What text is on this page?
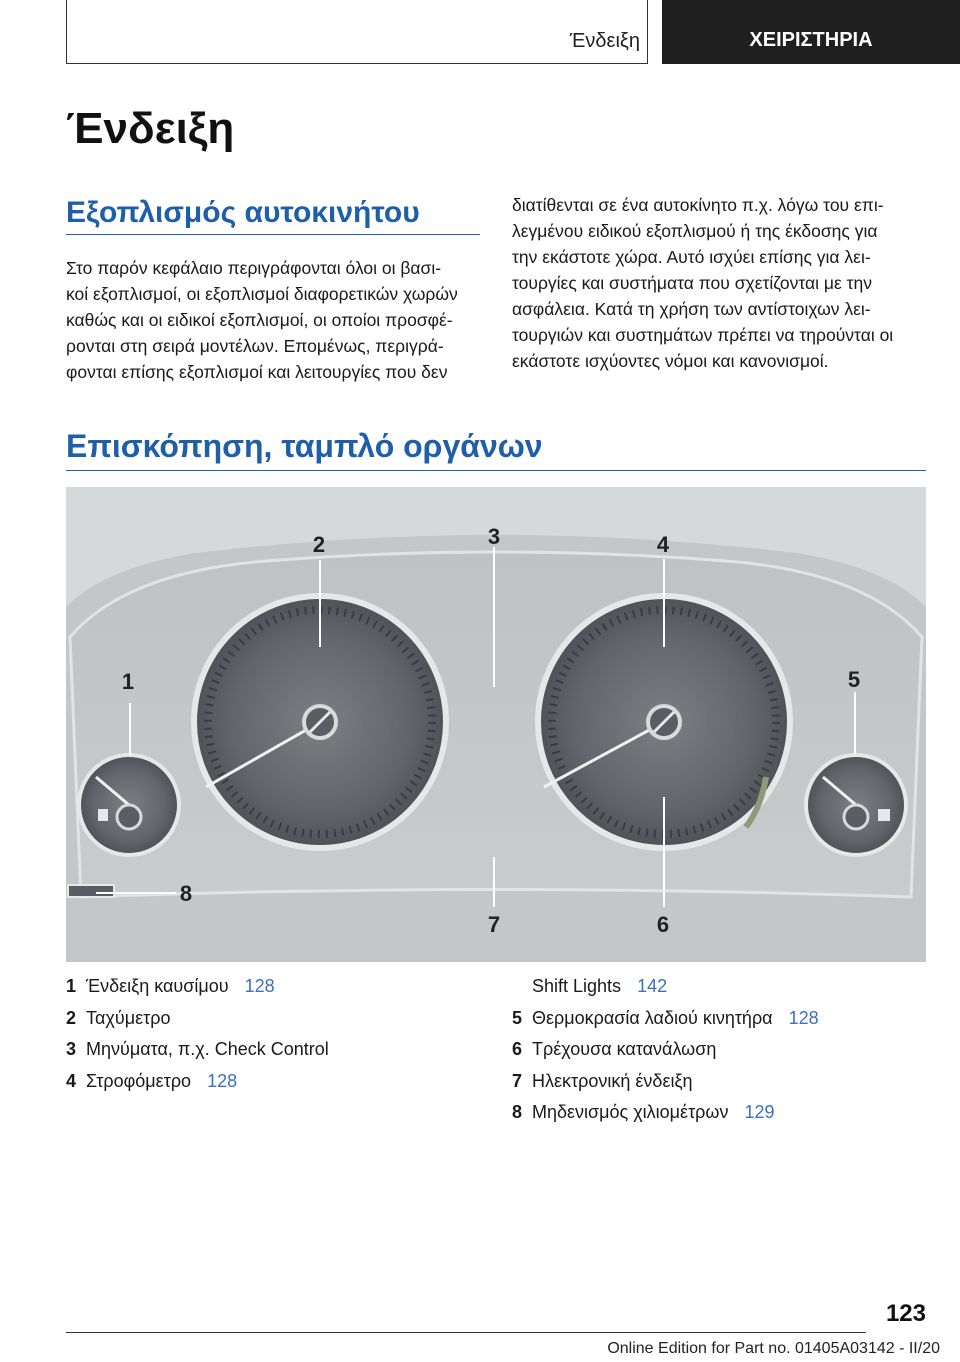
Ένδειξη	ΧΕΙΡΙΣΤΗΡΙΑ
Ένδειξη
Εξοπλισμός αυτοκινήτου
Στο παρόν κεφάλαιο περιγράφονται όλοι οι βασι-
κοί εξοπλισμοί, οι εξοπλισμοί διαφορετικών χωρών
καθώς και οι ειδικοί εξοπλισμοί, οι οποίοι προσφέ-
ρονται στη σειρά μοντέλων. Επομένως, περιγρά-
φονται επίσης εξοπλισμοί και λειτουργίες που δεν
διατίθενται σε ένα αυτοκίνητο π.χ. λόγω του επι-
λεγμένου ειδικού εξοπλισμού ή της έκδοσης για
την εκάστοτε χώρα. Αυτό ισχύει επίσης για λει-
τουργίες και συστήματα που σχετίζονται με την
ασφάλεια. Κατά τη χρήση των αντίστοιχων λει-
τουργιών και συστημάτων πρέπει να τηρούνται οι
εκάστοτε ισχύοντες νόμοι και κανονισμοί.
Επισκόπηση, ταμπλό οργάνων
1
2	3	4
5
6
7
8
1 Ένδειξη καυσίμου 128
2 Ταχύμετρο
3 Μηνύματα, π.χ. Check Control
4 Στροφόμετρο 128
Shift Lights 142
5 Θερμοκρασία λαδιού κινητήρα 128
6 Τρέχουσα κατανάλωση
7 Ηλεκτρονική ένδειξη
8 Μηδενισμός χιλιομέτρων 129
123
Online Edition for Part no. 01405A03142 - II/20
